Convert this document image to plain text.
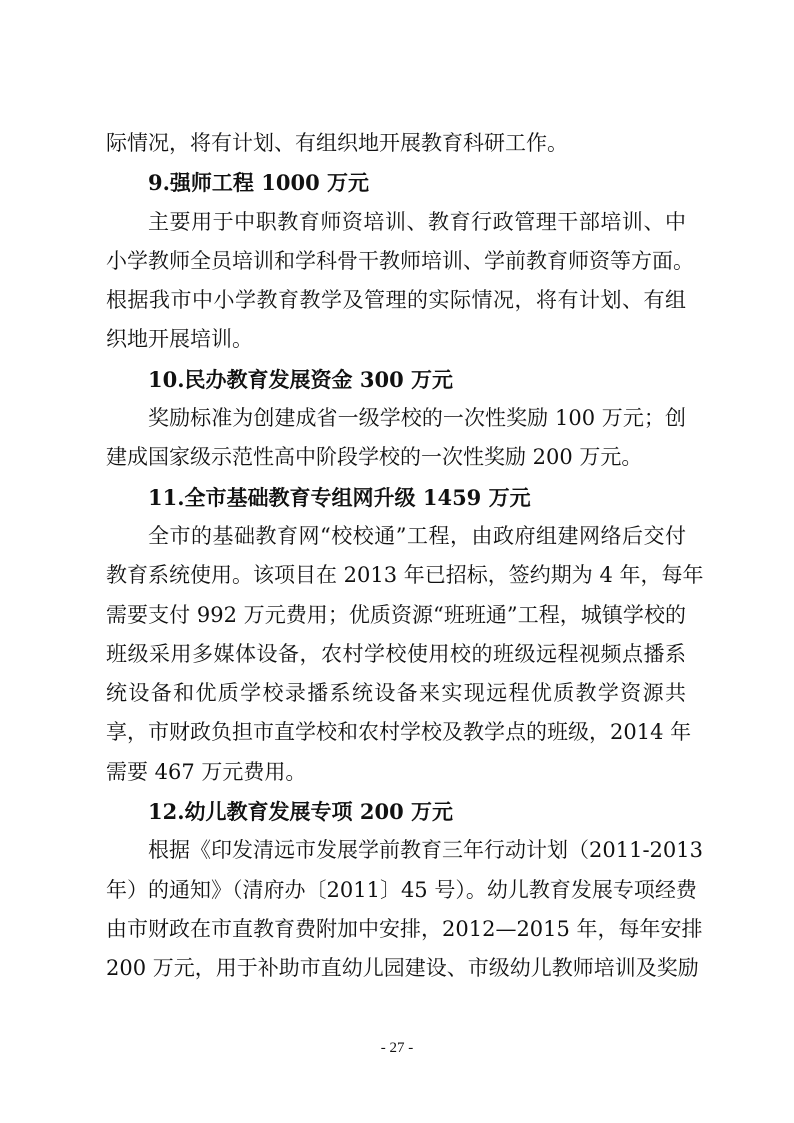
际情况，将有计划、有组织地开展教育科研工作。
9.强师工程 1000 万元
主要用于中职教育师资培训、教育行政管理干部培训、中
小学教师全员培训和学科骨干教师培训、学前教育师资等方面。
根据我市中小学教育教学及管理的实际情况，将有计划、有组
织地开展培训。
10.民办教育发展资金 300 万元
奖励标准为创建成省一级学校的一次性奖励 100 万元；创
建成国家级示范性高中阶段学校的一次性奖励 200 万元。
11.全市基础教育专组网升级 1459 万元
全市的基础教育网“校校通”工程，由政府组建网络后交付
教育系统使用。该项目在 2013 年已招标，签约期为 4 年，每年
需要支付 992 万元费用；优质资源“班班通”工程，城镇学校的
班级采用多媒体设备，农村学校使用校的班级远程视频点播系
统设备和优质学校录播系统设备来实现远程优质教学资源共
享，市财政负担市直学校和农村学校及教学点的班级，2014 年
需要 467 万元费用。
12.幼儿教育发展专项 200 万元
根据《印发清远市发展学前教育三年行动计划（2011-2013
年）的通知》（清府办〔2011〕45 号）。幼儿教育发展专项经费
由市财政在市直教育费附加中安排，2012—2015 年，每年安排
200 万元，用于补助市直幼儿园建设、市级幼儿教师培训及奖励
- 27 -
